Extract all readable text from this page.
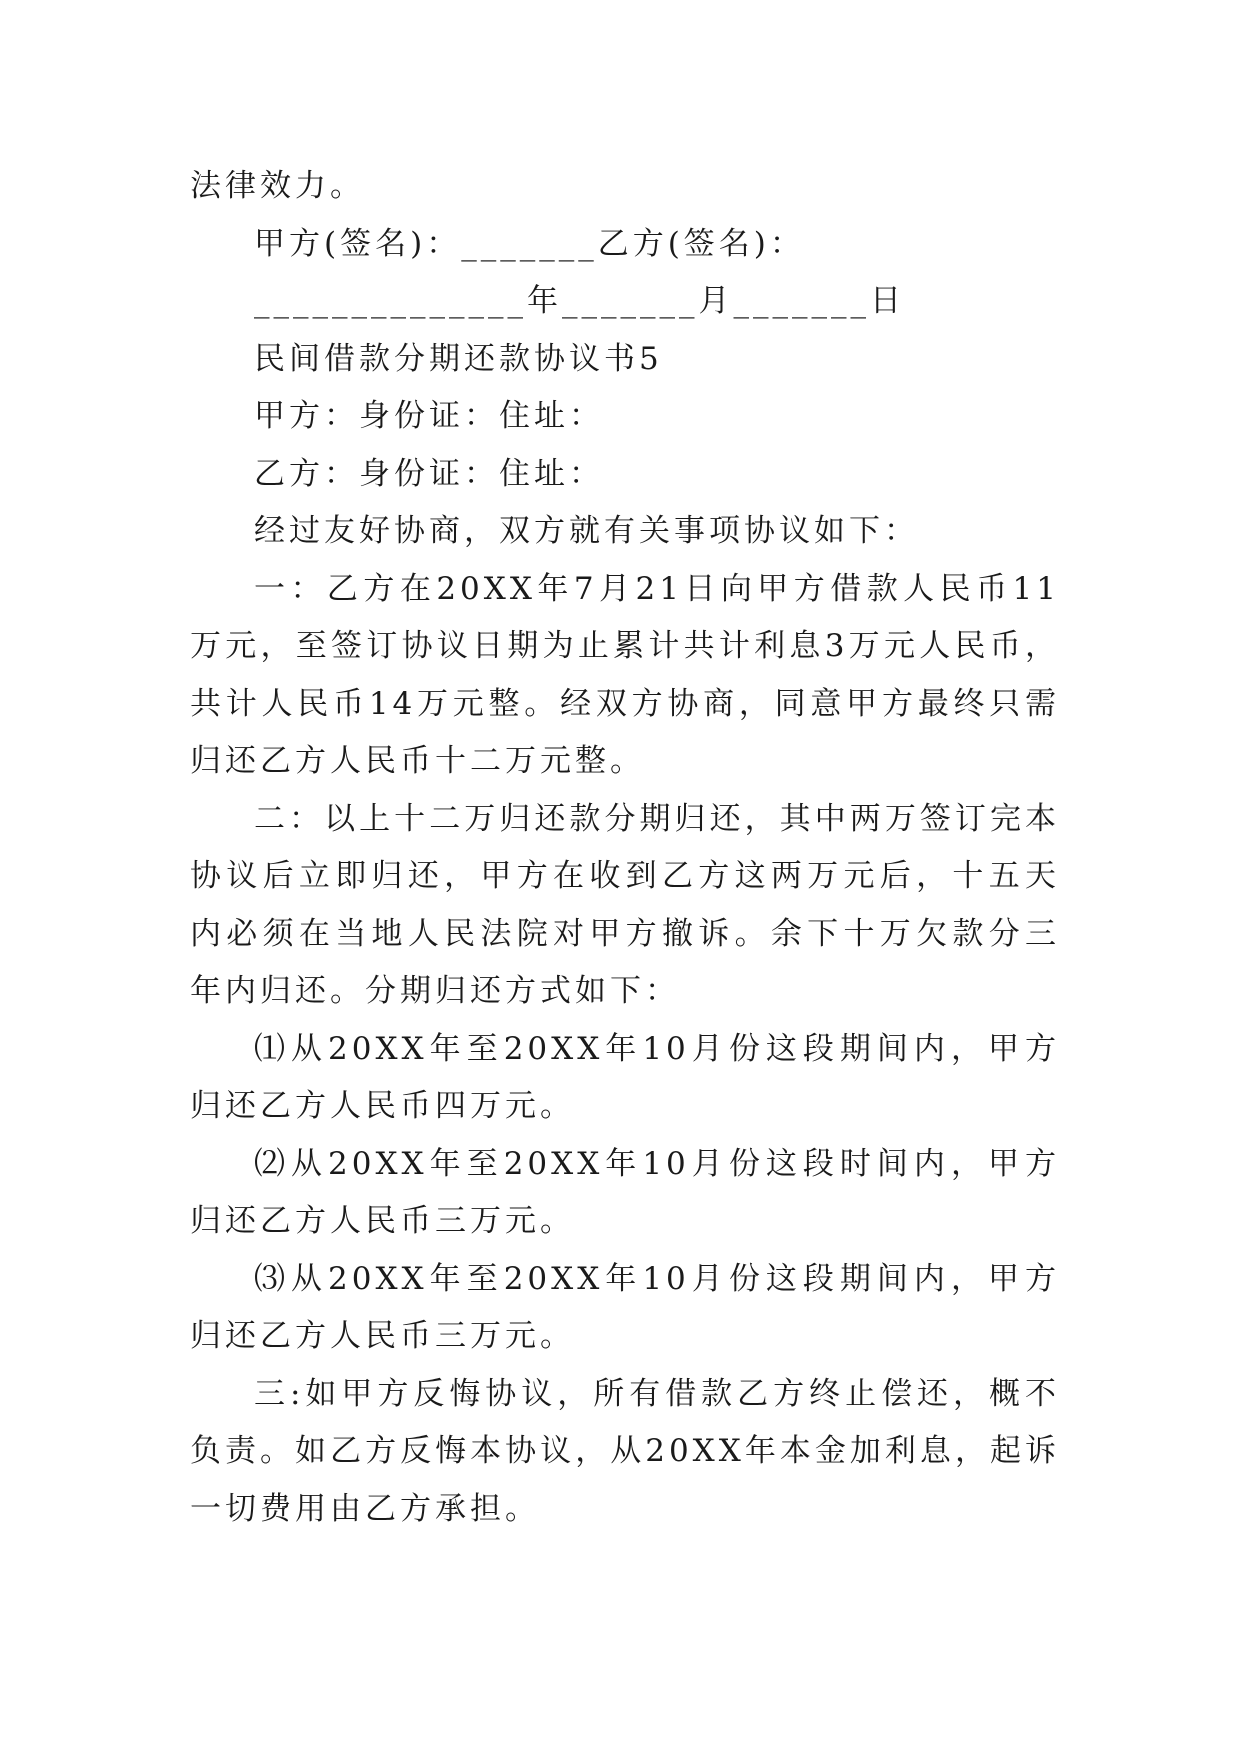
法律效力。

甲方(签名)：_______乙方(签名)：

______________年_______月_______日

民间借款分期还款协议书5

甲方：身份证：住址：

乙方：身份证：住址：

经过友好协商，双方就有关事项协议如下：

一：乙方在20XX年7月21日向甲方借款人民币11万元，至签订协议日期为止累计共计利息3万元人民币，共计人民币14万元整。经双方协商，同意甲方最终只需归还乙方人民币十二万元整。

二：以上十二万归还款分期归还，其中两万签订完本协议后立即归还，甲方在收到乙方这两万元后，十五天内必须在当地人民法院对甲方撤诉。余下十万欠款分三年内归还。分期归还方式如下：

⑴从20XX年至20XX年10月份这段期间内，甲方归还乙方人民币四万元。

⑵从20XX年至20XX年10月份这段时间内，甲方归还乙方人民币三万元。

⑶从20XX年至20XX年10月份这段期间内，甲方归还乙方人民币三万元。

三:如甲方反悔协议，所有借款乙方终止偿还，概不负责。如乙方反悔本协议，从20XX年本金加利息，起诉一切费用由乙方承担。
